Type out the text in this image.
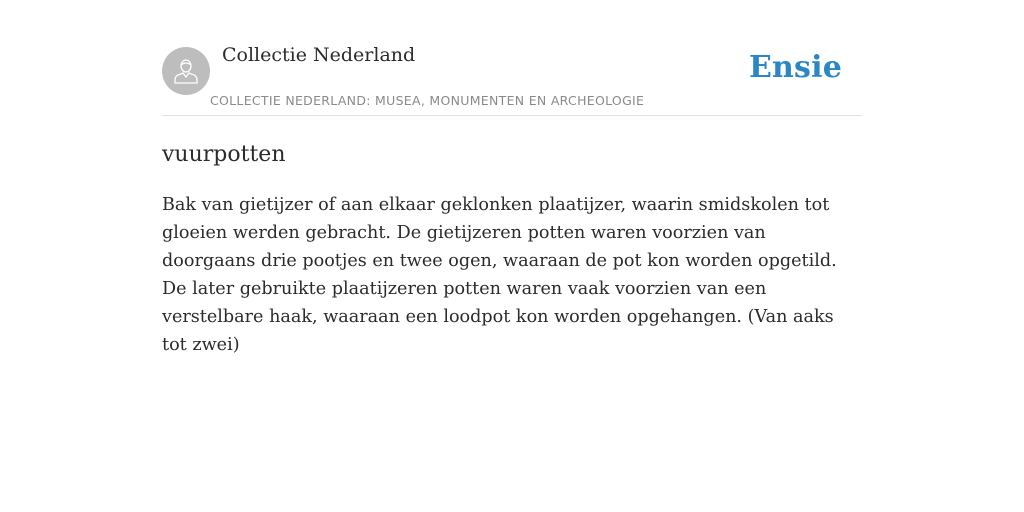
Collectie Nederland
COLLECTIE NEDERLAND: MUSEA, MONUMENTEN EN ARCHEOLOGIE
Ensie
vuurpotten

Bak van gietijzer of aan elkaar geklonken plaatijzer, waarin smidskolen tot gloeien werden gebracht. De gietijzeren potten waren voorzien van doorgaans drie pootjes en twee ogen, waaraan de pot kon worden opgetild. De later gebruikte plaatijzeren potten waren vaak voorzien van een verstelbare haak, waaraan een loodpot kon worden opgehangen. (Van aaks tot zwei)
